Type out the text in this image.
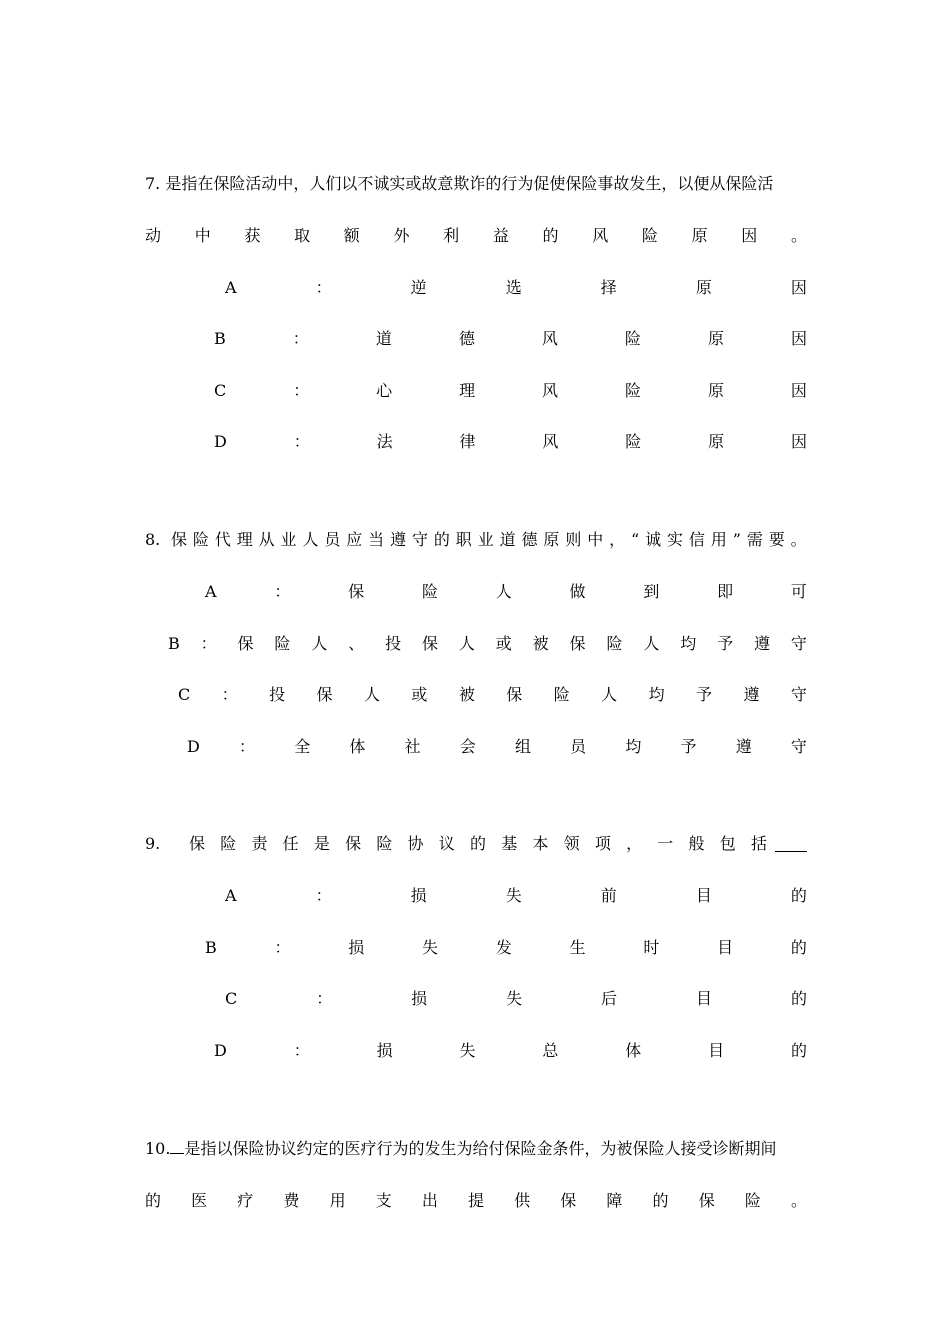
7. 是指在保险活动中，人们以不诚实或故意欺诈的行为促使保险事故发生，以便从保险活
动 中 获 取 额 外 利 益 的 风 险 原 因 。
A	：	逆	选	择	原	因
B	：	道	德	风	险	原	因
C	：	心	理	风	险	原	因
D	：	法	律	风	险	原	因
8. 保 险 代 理 从 业 人 员 应 当 遵 守 的 职 业 道 德 原 则 中 ， “ 诚 实 信 用 ” 需 要 。
A	：	保	险	人	做	到	即	可
B ： 保 险 人 、 投 保 人 或 被 保 险 人 均 予 遵 守
C ： 投 保 人 或 被 保 险 人 均 予 遵 守
D ： 全 体 社 会 组 员 均 予 遵 守
9. 保 险 责 任 是 保 险 协 议 的 基 本 领 项 ， 一 般 包 括
A	：	损	失	前	目	的
B	：	损	失	发	生	时	目	的
C	：	损	失	后	目	的
D	：	损	失	总	体	目	的
10. 是指以保险协议约定的医疗行为的发生为给付保险金条件，为被保险人接受诊断期间
的 医 疗 费 用 支 出 提 供 保 障 的 保 险 。
